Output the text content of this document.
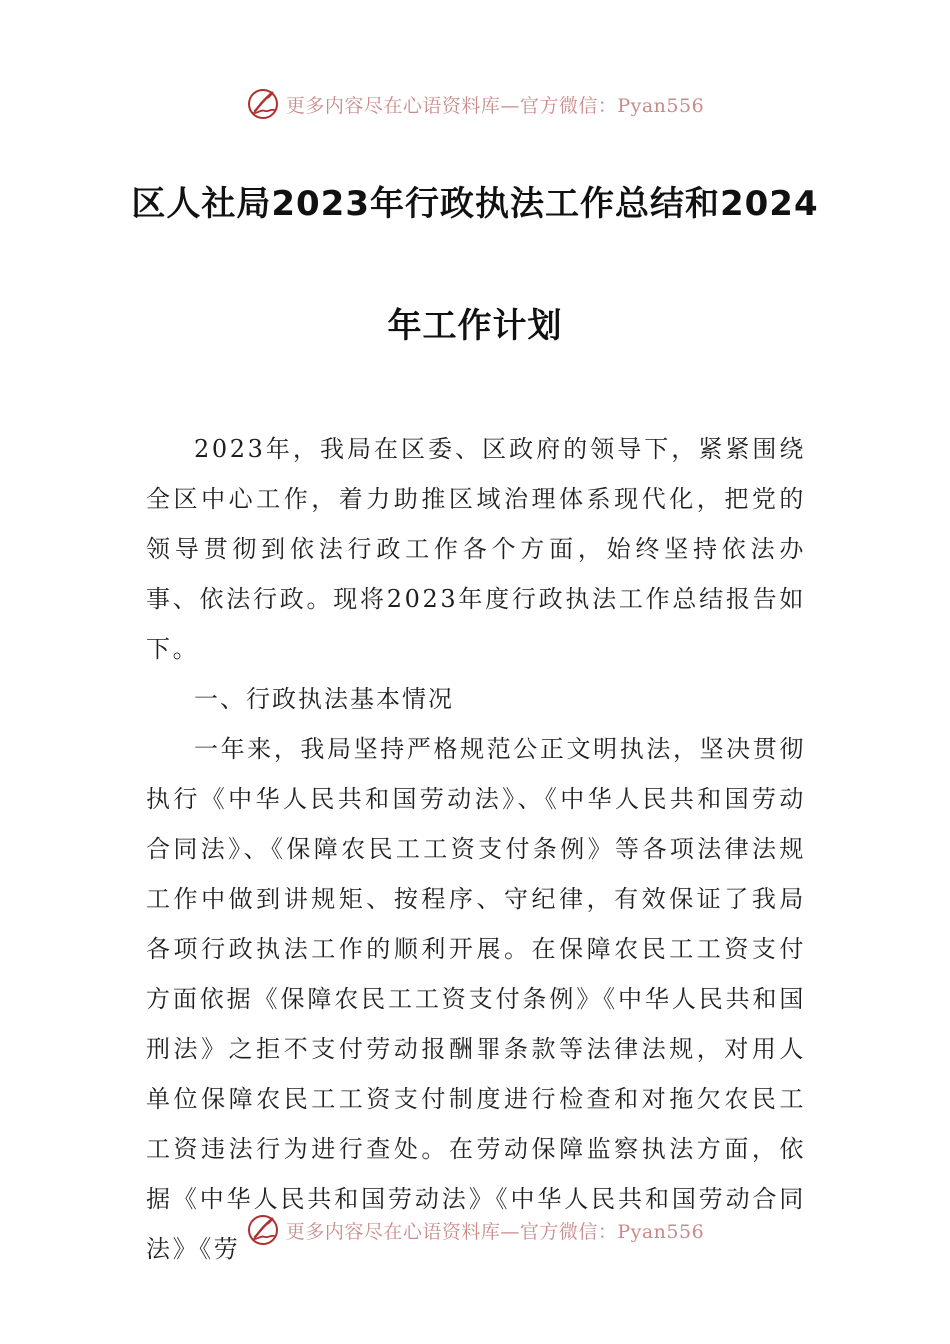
更多内容尽在心语资料库—官方微信：Pyan556
区人社局2023年行政执法工作总结和2024
年工作计划

2023年，我局在区委、区政府的领导下，紧紧围绕全区中心工作，着力助推区域治理体系现代化，把党的领导贯彻到依法行政工作各个方面，始终坚持依法办事、依法行政。现将2023年度行政执法工作总结报告如下。

一、行政执法基本情况

一年来，我局坚持严格规范公正文明执法，坚决贯彻执行《中华人民共和国劳动法》、《中华人民共和国劳动合同法》、《保障农民工工资支付条例》等各项法律法规工作中做到讲规矩、按程序、守纪律，有效保证了我局各项行政执法工作的顺利开展。在保障农民工工资支付方面依据《保障农民工工资支付条例》《中华人民共和国刑法》之拒不支付劳动报酬罪条款等法律法规，对用人单位保障农民工工资支付制度进行检查和对拖欠农民工工资违法行为进行查处。在劳动保障监察执法方面，依据《中华人民共和国劳动法》《中华人民共和国劳动合同法》《劳

更多内容尽在心语资料库—官方微信：Pyan556
